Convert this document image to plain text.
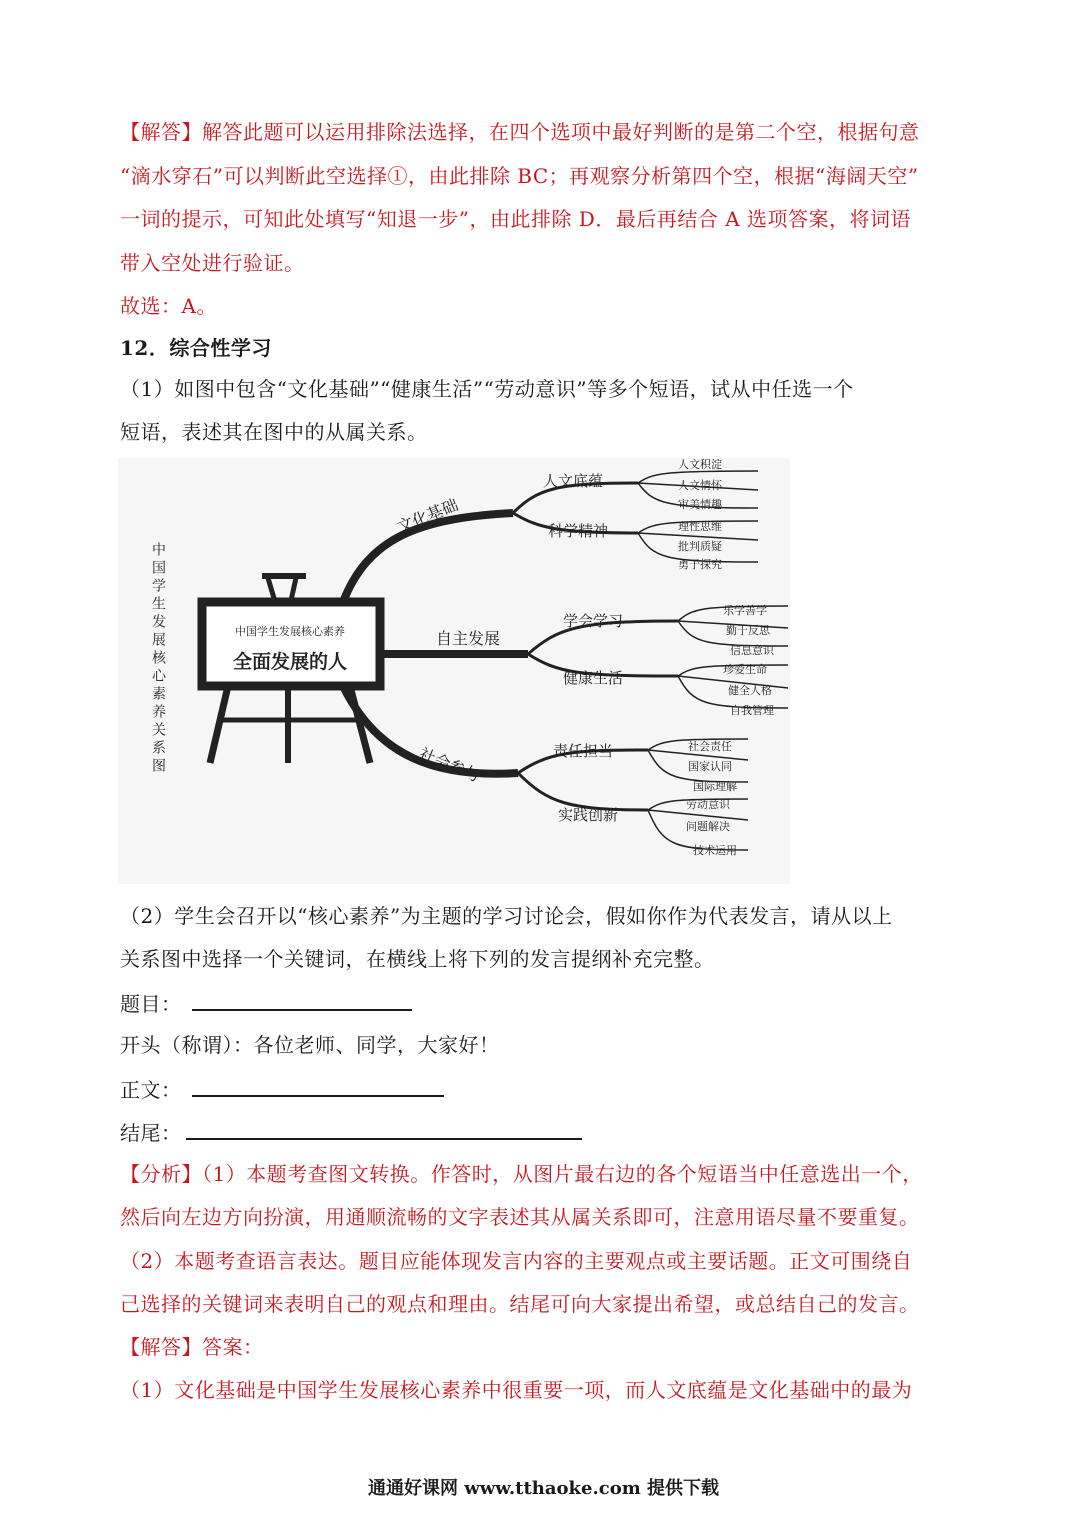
【解答】解答此题可以运用排除法选择，在四个选项中最好判断的是第二个空，根据句意
“滴水穿石”可以判断此空选择①，由此排除 BC；再观察分析第四个空，根据“海阔天空”
一词的提示，可知此处填写“知退一步”，由此排除 D．最后再结合 A 选项答案，将词语
带入空处进行验证。
故选：A。
12．综合性学习
（1）如图中包含“文化基础”“健康生活”“劳动意识”等多个短语，试从中任选一个
短语，表述其在图中的从属关系。
中国学生发展核心素养关系图	中国学生发展核心素养
全面发展的人
文化基础
人文底蕴
人文积淀
人文情怀
审美情趣
科学精神	理性思维
批判质疑
勇于探究
自主发展
学会学习
乐学善学
勤于反思
信息意识
健康生活	珍爱生命
健全人格
自我管理
社会参与	责任担当	社会责任
国家认同
国际理解
实践创新
劳动意识
问题解决
技术运用
（2）学生会召开以“核心素养”为主题的学习讨论会，假如你作为代表发言，请从以上
关系图中选择一个关键词，在横线上将下列的发言提纲补充完整。
题目：
开头（称谓）：各位老师、同学，大家好！
正文：
结尾：
【分析】（1）本题考查图文转换。作答时，从图片最右边的各个短语当中任意选出一个，
然后向左边方向扮演，用通顺流畅的文字表述其从属关系即可，注意用语尽量不要重复。
（2）本题考查语言表达。题目应能体现发言内容的主要观点或主要话题。正文可围绕自
己选择的关键词来表明自己的观点和理由。结尾可向大家提出希望，或总结自己的发言。
【解答】答案：
（1）文化基础是中国学生发展核心素养中很重要一项，而人文底蕴是文化基础中的最为
通通好课网 www.tthaoke.com 提供下载
